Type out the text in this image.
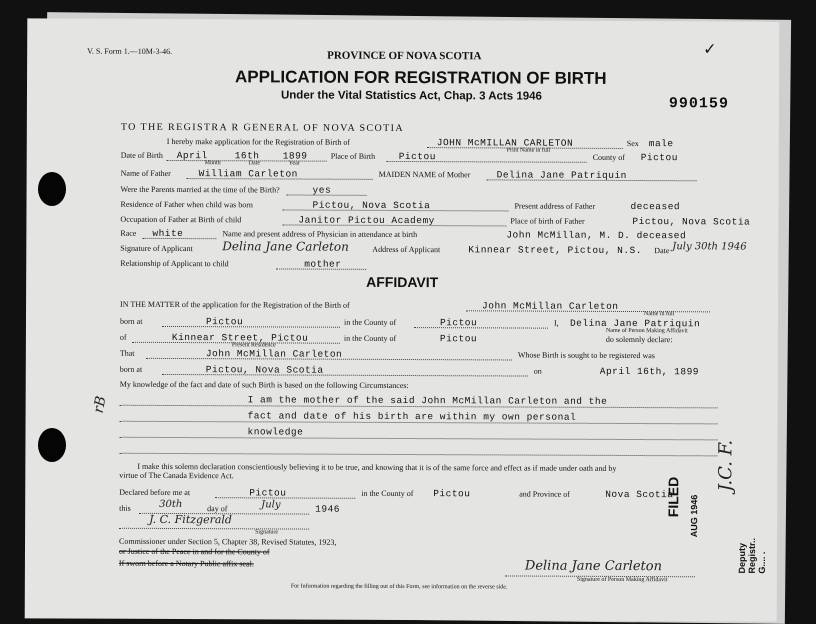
V. S. Form 1.—10M-3-46.	PROVINCE OF NOVA SCOTIA
APPLICATION FOR REGISTRATION OF BIRTH
Under the Vital Statistics Act, Chap. 3 Acts 1946	990159
✓
TO THE REGISTRA R GENERAL OF NOVA SCOTIA
I hereby make application for the Registration of Birth of	JOHN McMILLAN CARLETON
Print Name in full
Sex male
Date of Birth April	16th 1899
Month	Date	Year
Place of Birth Pictou	County of Pictou
Name of Father	William Carleton	MAIDEN NAME of Mother	Delina Jane Patriquin
Were the Parents married at the time of the Birth?	yes
Residence of Father when child was born	Pictou, Nova Scotia	Present address of Father	deceased
Occupation of Father at Birth of child	Janitor Pictou Academy	Place of birth of Father	Pictou, Nova Scotia
Race white	Name and present address of Physician in attendance at birth	John McMillan, M. D. deceased
Signature of Applicant Delina Jane Carleton	Address of Applicant	Kinnear Street, Pictou, N.S. Date July 30th 1946
Relationship of Applicant to child	mother
AFFIDAVIT
IN THE MATTER of the application for the Registration of the Birth of	John McMillan Carleton
Name in full
born at	Pictou	in the County of	Pictou	I, Delina Jane Patriquin
Name of Person Making Affidavit
of	Kinnear Street, Pictou
Present Residence
in the County of	Pictou	do solemnly declare:
That	John McMillan Carleton	Whose Birth is sought to be registered was
born at	Pictou, Nova Scotia	on	April 16th, 1899
My knowledge of the fact and date of such Birth is based on the following Circumstances:
I am the mother of the said John McMillan Carleton and the
fact and date of his birth are within my own personal
knowledge
I make this solemn declaration conscientiously believing it to be true, and knowing that it is of the same force and effect as if made under oath and by
virtue of The Canada Evidence Act.
Declared before me at	Pictou	in the County of Pictou	and Province of	Nova Scotia
this	30th	day of	July	1946
J. C. Fitzgerald
Signature
Commissioner under Section 5, Chapter 38, Revised Statutes, 1923,
or Justice of the Peace in and for the County of
If sworn before a Notary Public affix seal.	Delina Jane Carleton
Signature of Person Making Affidavit
For Information regarding the filling out of this Form, see information on the reverse side.
rB
FILED AUG 1946
Deputy Registr.. G.... .
J.C. F.
